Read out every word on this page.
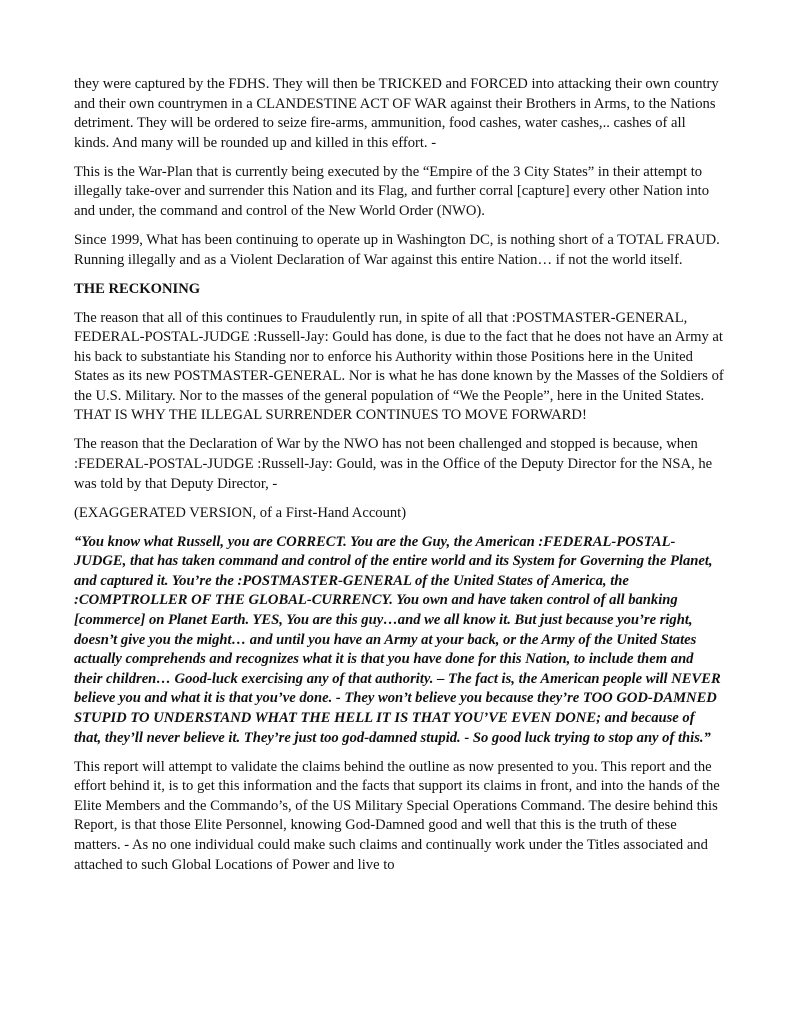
they were captured by the FDHS. They will then be TRICKED and FORCED into attacking their own country and their own countrymen in a CLANDESTINE ACT OF WAR against their Brothers in Arms, to the Nations detriment. They will be ordered to seize fire-arms, ammunition, food cashes, water cashes,.. cashes of all kinds. And many will be rounded up and killed in this effort. -

This is the War-Plan that is currently being executed by the “Empire of the 3 City States” in their attempt to illegally take-over and surrender this Nation and its Flag, and further corral [capture] every other Nation into and under, the command and control of the New World Order (NWO).

Since 1999, What has been continuing to operate up in Washington DC, is nothing short of a TOTAL FRAUD. Running illegally and as a Violent Declaration of War against this entire Nation… if not the world itself.

THE RECKONING

The reason that all of this continues to Fraudulently run, in spite of all that :POSTMASTER-GENERAL, FEDERAL-POSTAL-JUDGE :Russell-Jay: Gould has done, is due to the fact that he does not have an Army at his back to substantiate his Standing nor to enforce his Authority within those Positions here in the United States as its new POSTMASTER-GENERAL. Nor is what he has done known by the Masses of the Soldiers of the U.S. Military. Nor to the masses of the general population of “We the People”, here in the United States. THAT IS WHY THE ILLEGAL SURRENDER CONTINUES TO MOVE FORWARD!

The reason that the Declaration of War by the NWO has not been challenged and stopped is because, when :FEDERAL-POSTAL-JUDGE :Russell-Jay: Gould, was in the Office of the Deputy Director for the NSA, he was told by that Deputy Director, -

(EXAGGERATED VERSION, of a First-Hand Account)

“You know what Russell, you are CORRECT. You are the Guy, the American :FEDERAL-POSTAL-JUDGE, that has taken command and control of the entire world and its System for Governing the Planet, and captured it. You’re the :POSTMASTER-GENERAL of the United States of America, the :COMPTROLLER OF THE GLOBAL-CURRENCY. You own and have taken control of all banking [commerce] on Planet Earth. YES, You are this guy…and we all know it. But just because you’re right, doesn’t give you the might… and until you have an Army at your back, or the Army of the United States actually comprehends and recognizes what it is that you have done for this Nation, to include them and their children… Good-luck exercising any of that authority. – The fact is, the American people will NEVER believe you and what it is that you’ve done. - They won’t believe you because they’re TOO GOD-DAMNED STUPID TO UNDERSTAND WHAT THE HELL IT IS THAT YOU’VE EVEN DONE; and because of that, they’ll never believe it. They’re just too god-damned stupid. - So good luck trying to stop any of this.”

This report will attempt to validate the claims behind the outline as now presented to you. This report and the effort behind it, is to get this information and the facts that support its claims in front, and into the hands of the Elite Members and the Commando’s, of the US Military Special Operations Command. The desire behind this Report, is that those Elite Personnel, knowing God-Damned good and well that this is the truth of these matters. - As no one individual could make such claims and continually work under the Titles associated and attached to such Global Locations of Power and live to
